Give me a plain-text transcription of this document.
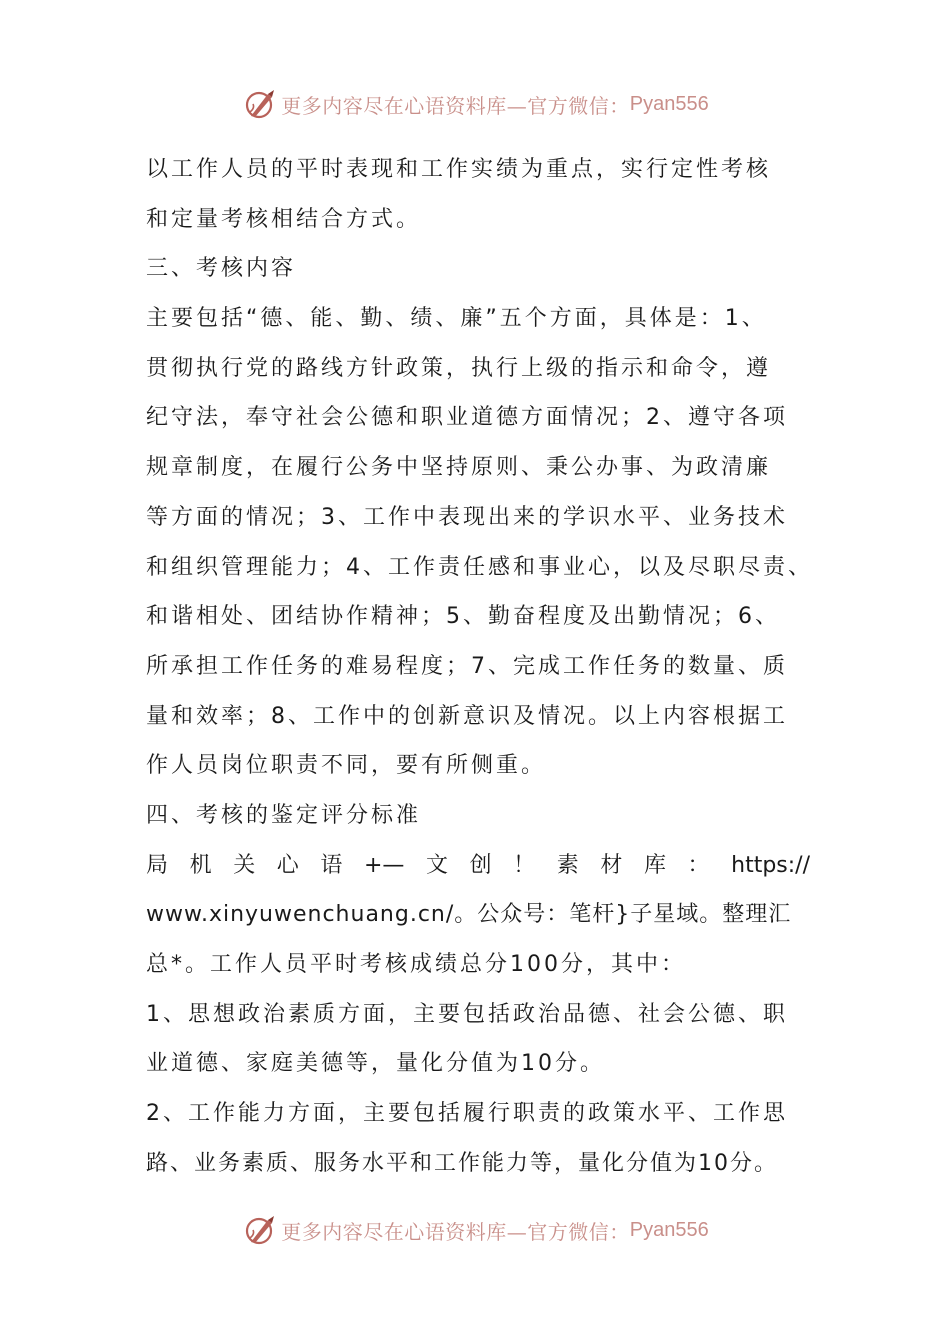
更多内容尽在心语资料库—官方微信： Pyan556
以工作人员的平时表现和工作实绩为重点，实行定性考核
和定量考核相结合方式。
三、考核内容
主要包括“德、能、勤、绩、廉”五个方面，具体是：1、
贯彻执行党的路线方针政策，执行上级的指示和命令，遵
纪守法，奉守社会公德和职业道德方面情况；2、遵守各项
规章制度，在履行公务中坚持原则、秉公办事、为政清廉
等方面的情况；3、工作中表现出来的学识水平、业务技术
和组织管理能力；4、工作责任感和事业心，以及尽职尽责、
和谐相处、团结协作精神；5、勤奋程度及出勤情况；6、
所承担工作任务的难易程度；7、完成工作任务的数量、质
量和效率；8、工作中的创新意识及情况。以上内容根据工
作人员岗位职责不同，要有所侧重。
四、考核的鉴定评分标准
局 机 关 心 语 +— 文 创 ！ 素 材 库 ： https://
www.xinyuwenchuang.cn/。公众号：笔杆}子星域。整理汇
总*。工作人员平时考核成绩总分100分，其中：
1、思想政治素质方面，主要包括政治品德、社会公德、职
业道德、家庭美德等，量化分值为10分。
2、工作能力方面，主要包括履行职责的政策水平、工作思
路、业务素质、服务水平和工作能力等，量化分值为10分。
更多内容尽在心语资料库—官方微信： Pyan556
